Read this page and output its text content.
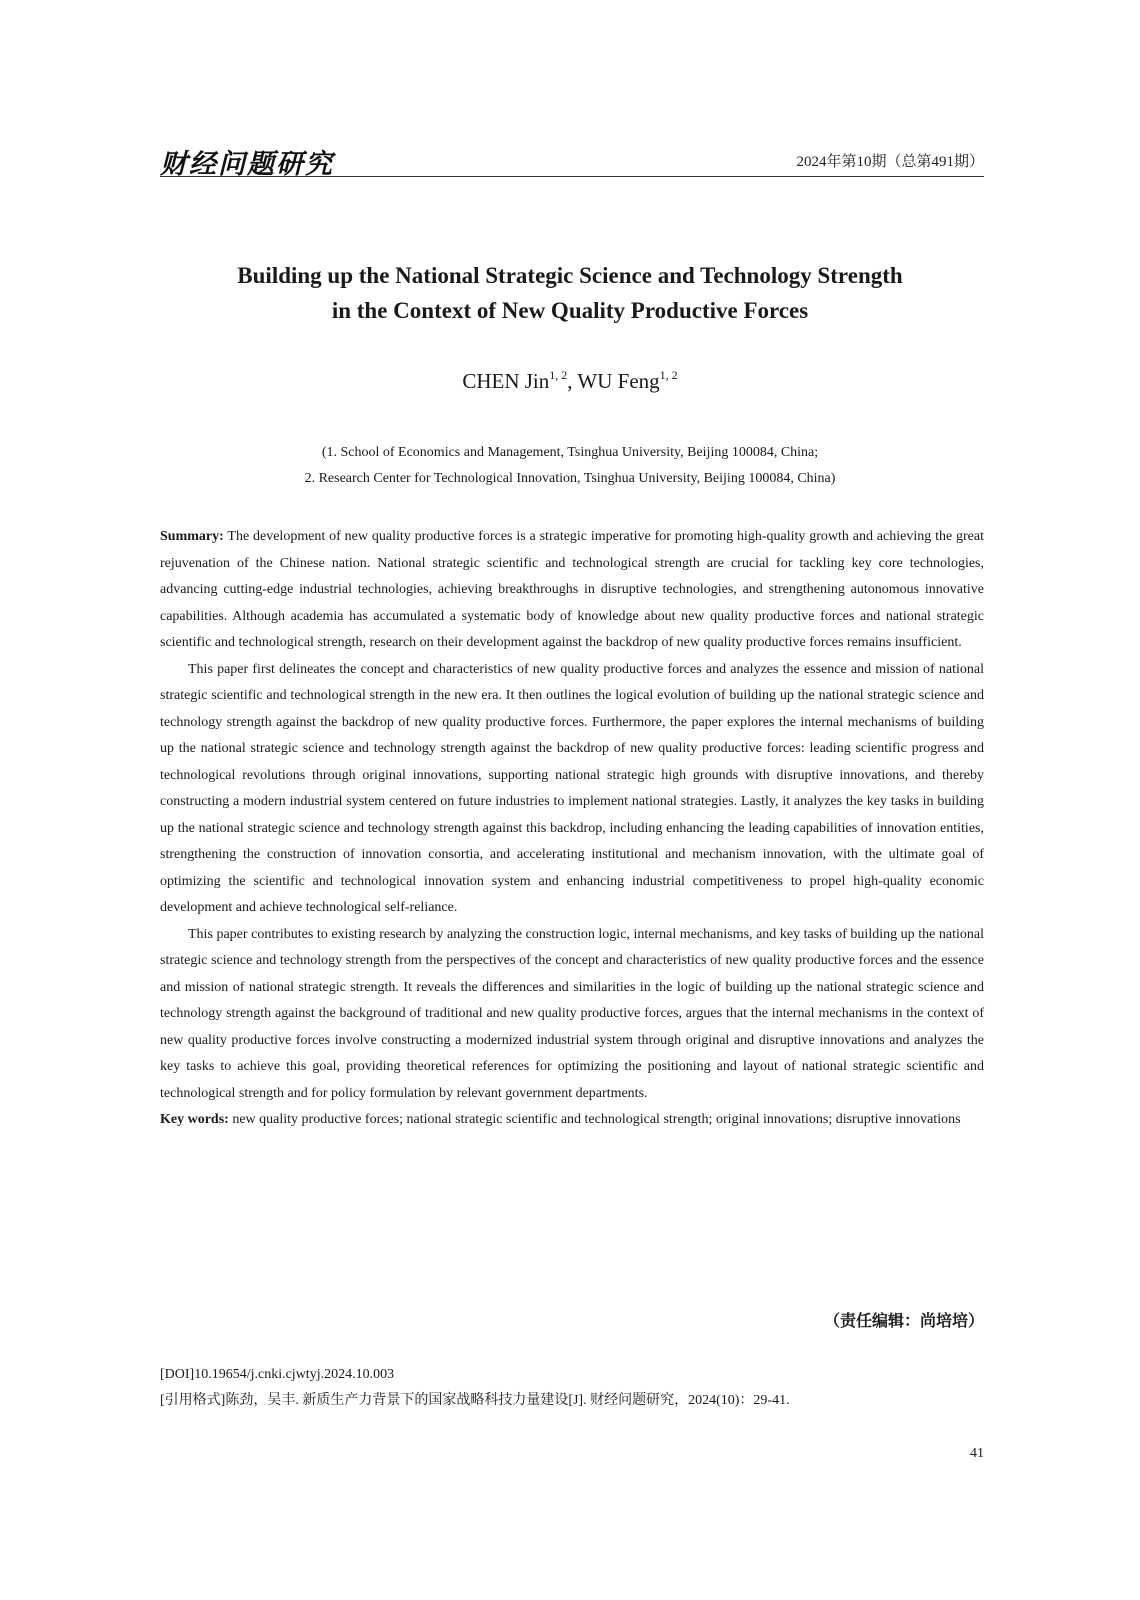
财经问题研究	2024年第10期（总第491期）
Building up the National Strategic Science and Technology Strength
in the Context of New Quality Productive Forces
CHEN Jin$^{1, 2}$, WU Feng$^{1, 2}$
(1. School of Economics and Management, Tsinghua University, Beijing 100084, China;
2. Research Center for Technological Innovation, Tsinghua University, Beijing 100084, China)

Summary: The development of new quality productive forces is a strategic imperative for promoting high-quality growth and achieving the great rejuvenation of the Chinese nation. National strategic scientific and technological strength are crucial for tackling key core technologies, advancing cutting-edge industrial technologies, achieving breakthroughs in disruptive technologies, and strengthening autonomous innovative capabilities. Although academia has accumulated a systematic body of knowledge about new quality productive forces and national strategic scientific and technological strength, research on their development against the backdrop of new quality productive forces remains insufficient.

This paper first delineates the concept and characteristics of new quality productive forces and analyzes the essence and mission of national strategic scientific and technological strength in the new era. It then outlines the logical evolution of building up the national strategic science and technology strength against the backdrop of new quality productive forces. Furthermore, the paper explores the internal mechanisms of building up the national strategic science and technology strength against the backdrop of new quality productive forces: leading scientific progress and technological revolutions through original innovations, supporting national strategic high grounds with disruptive innovations, and thereby constructing a modern industrial system centered on future industries to implement national strategies. Lastly, it analyzes the key tasks in building up the national strategic science and technology strength against this backdrop, including enhancing the leading capabilities of innovation entities, strengthening the construction of innovation consortia, and accelerating institutional and mechanism innovation, with the ultimate goal of optimizing the scientific and technological innovation system and enhancing industrial competitiveness to propel high-quality economic development and achieve technological self-reliance.

This paper contributes to existing research by analyzing the construction logic, internal mechanisms, and key tasks of building up the national strategic science and technology strength from the perspectives of the concept and characteristics of new quality productive forces and the essence and mission of national strategic strength. It reveals the differences and similarities in the logic of building up the national strategic science and technology strength against the background of traditional and new quality productive forces, argues that the internal mechanisms in the context of new quality productive forces involve constructing a modernized industrial system through original and disruptive innovations and analyzes the key tasks to achieve this goal, providing theoretical references for optimizing the positioning and layout of national strategic scientific and technological strength and for policy formulation by relevant government departments.

Key words: new quality productive forces; national strategic scientific and technological strength; original innovations; disruptive innovations

（责任编辑：尚培培）
[DOI]10.19654/j.cnki.cjwtyj.2024.10.003
[引用格式]陈劲，吴丰. 新质生产力背景下的国家战略科技力量建设[J]. 财经问题研究，2024(10)：29-41.
41
